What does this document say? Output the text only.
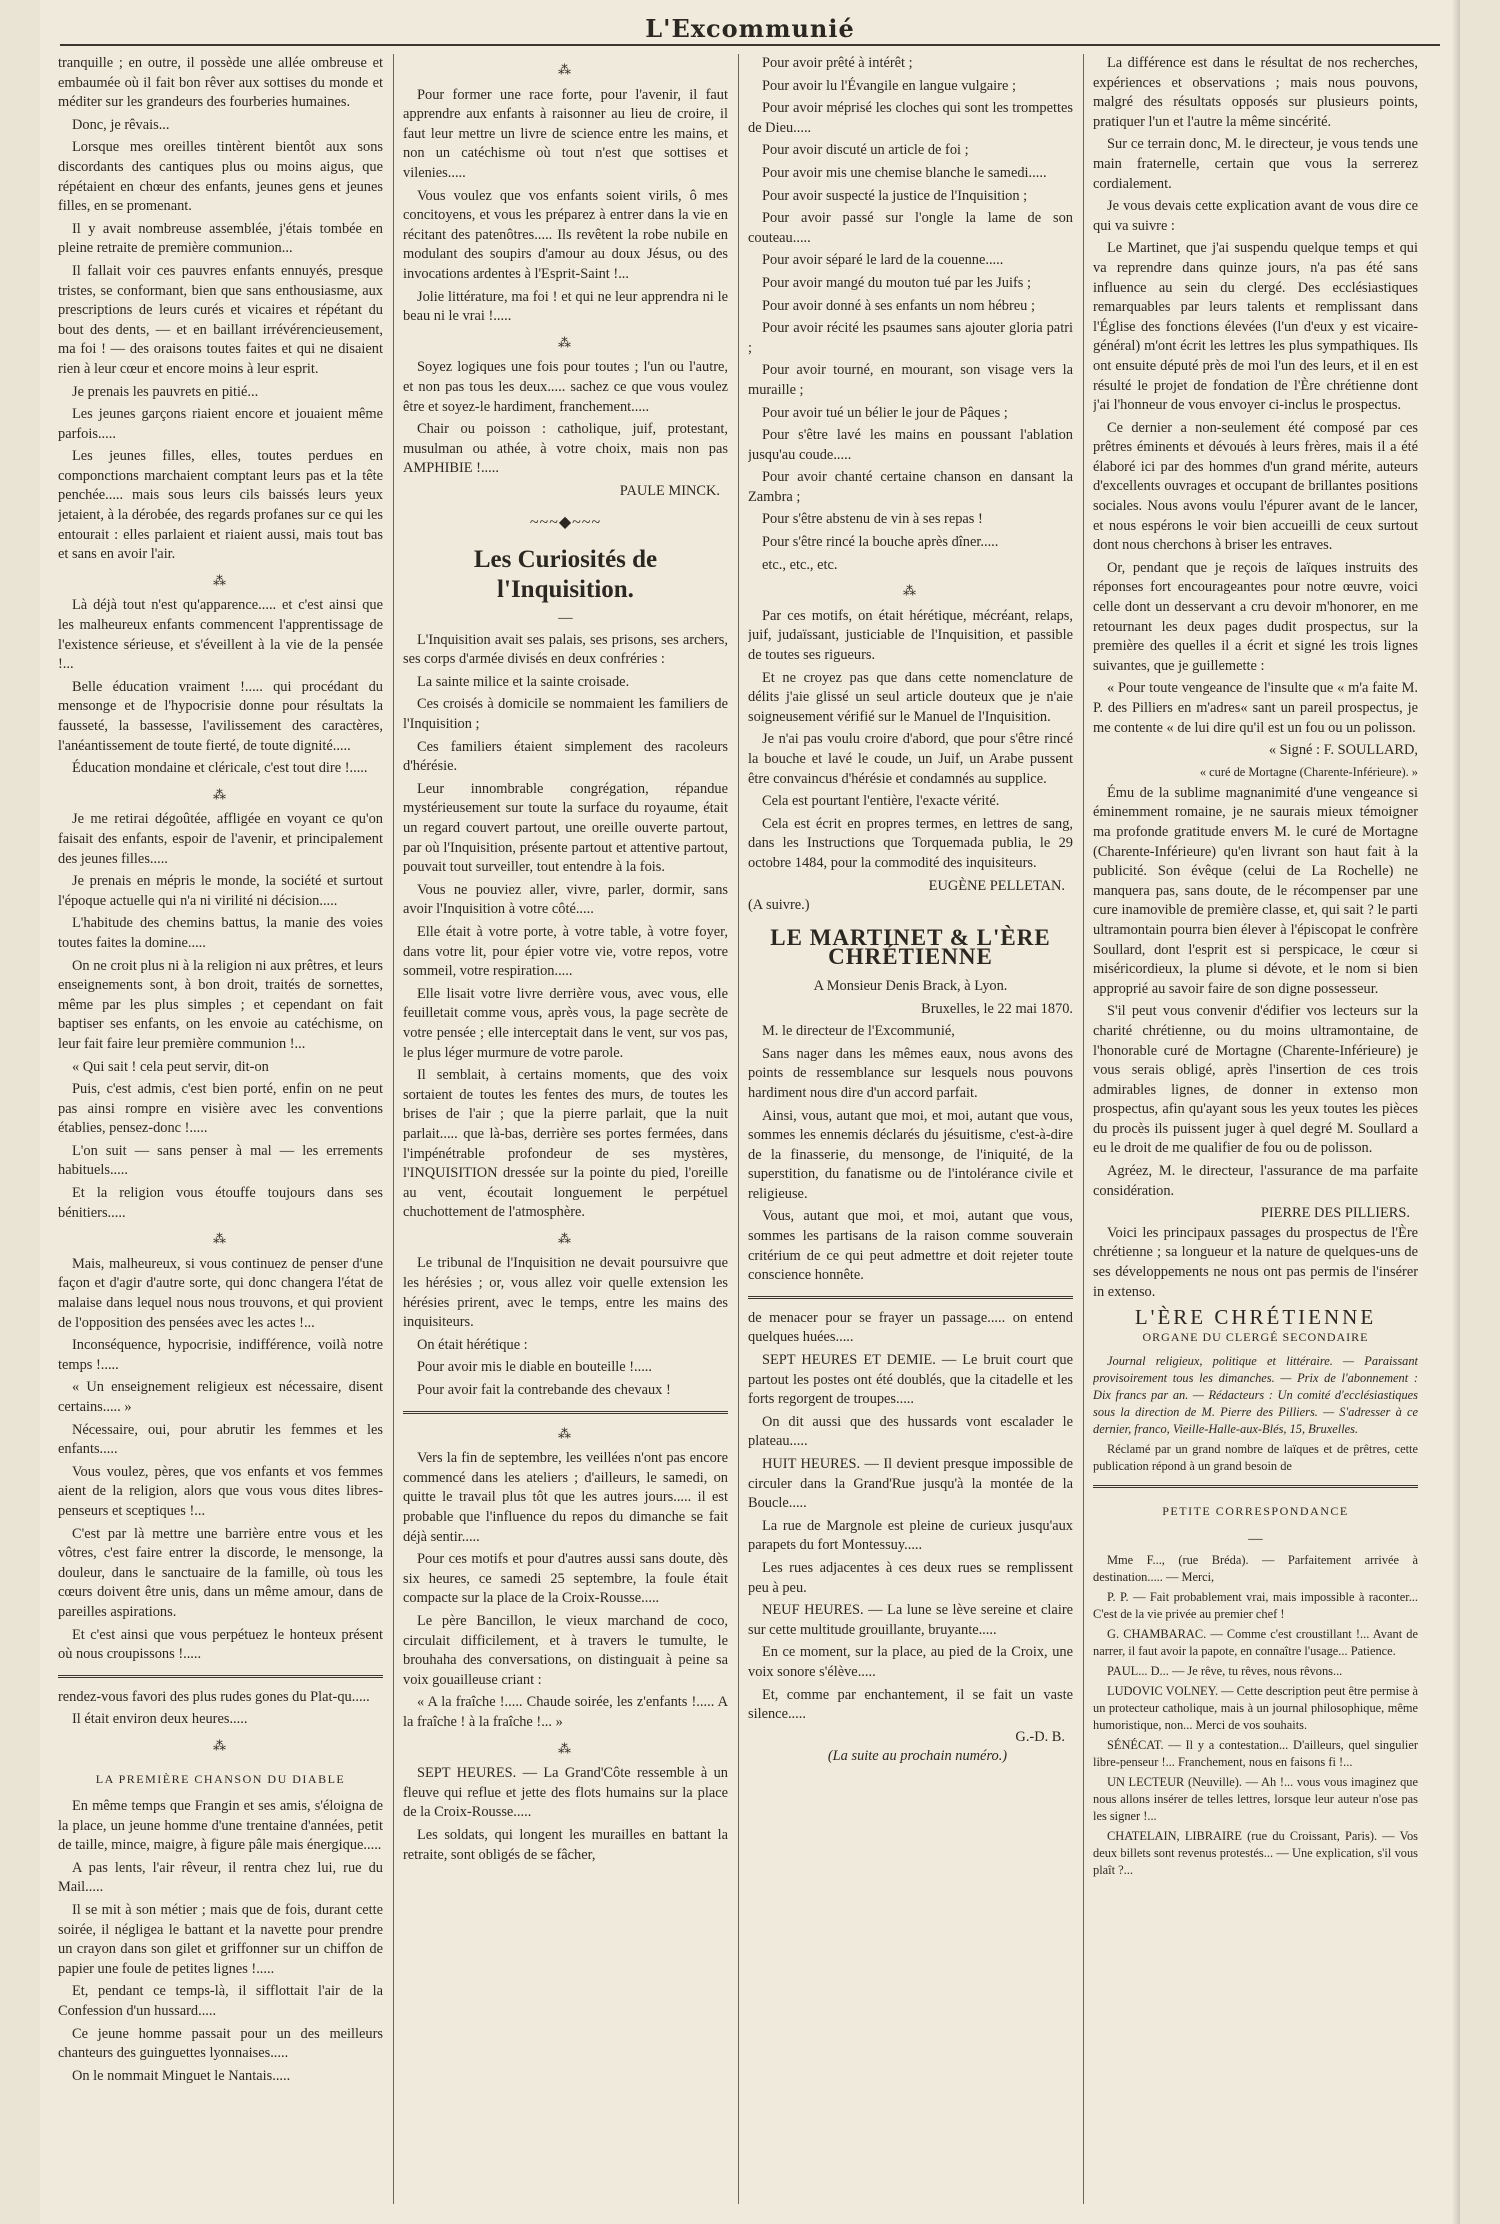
L'Excommunié

tranquille ; en outre, il possède une allée ombreuse et embaumée où il fait bon rêver aux sottises du monde et méditer sur les grandeurs des fourberies humaines.

Donc, je rêvais...

Lorsque mes oreilles tintèrent bientôt aux sons discordants des cantiques plus ou moins aigus, que répétaient en chœur des enfants, jeunes gens et jeunes filles, en se promenant.

Il y avait nombreuse assemblée, j'étais tombée en pleine retraite de première communion...

Il fallait voir ces pauvres enfants ennuyés, presque tristes, se conformant, bien que sans enthousiasme, aux prescriptions de leurs curés et vicaires et répétant du bout des dents, — et en baillant irrévérencieusement, ma foi ! — des oraisons toutes faites et qui ne disaient rien à leur cœur et encore moins à leur esprit.

Je prenais les pauvrets en pitié...

Les jeunes garçons riaient encore et jouaient même parfois.....

Les jeunes filles, elles, toutes perdues en componctions marchaient comptant leurs pas et la tête penchée..... mais sous leurs cils baissés leurs yeux jetaient, à la dérobée, des regards profanes sur ce qui les entourait : elles parlaient et riaient aussi, mais tout bas et sans en avoir l'air.

⁂

Là déjà tout n'est qu'apparence..... et c'est ainsi que les malheureux enfants commencent l'apprentissage de l'existence sérieuse, et s'éveillent à la vie de la pensée !...

Belle éducation vraiment !..... qui procédant du mensonge et de l'hypocrisie donne pour résultats la fausseté, la bassesse, l'avilissement des caractères, l'anéantissement de toute fierté, de toute dignité.....

Éducation mondaine et cléricale, c'est tout dire !.....

⁂

Je me retirai dégoûtée, affligée en voyant ce qu'on faisait des enfants, espoir de l'avenir, et principalement des jeunes filles.....

Je prenais en mépris le monde, la société et surtout l'époque actuelle qui n'a ni virilité ni décision.....

L'habitude des chemins battus, la manie des voies toutes faites la domine.....

On ne croit plus ni à la religion ni aux prêtres, et leurs enseignements sont, à bon droit, traités de sornettes, même par les plus simples ; et cependant on fait baptiser ses enfants, on les envoie au catéchisme, on leur fait faire leur première communion !...

« Qui sait ! cela peut servir, dit-on

Puis, c'est admis, c'est bien porté, enfin on ne peut pas ainsi rompre en visière avec les conventions établies, pensez-donc !.....

L'on suit — sans penser à mal — les errements habituels.....

Et la religion vous étouffe toujours dans ses bénitiers.....

⁂

Mais, malheureux, si vous continuez de penser d'une façon et d'agir d'autre sorte, qui donc changera l'état de malaise dans lequel nous nous trouvons, et qui provient de l'opposition des pensées avec les actes !...

Inconséquence, hypocrisie, indifférence, voilà notre temps !.....

« Un enseignement religieux est nécessaire, disent certains..... »

Nécessaire, oui, pour abrutir les femmes et les enfants.....

Vous voulez, pères, que vos enfants et vos femmes aient de la religion, alors que vous vous dites libres-penseurs et sceptiques !...

C'est par là mettre une barrière entre vous et les vôtres, c'est faire entrer la discorde, le mensonge, la douleur, dans le sanctuaire de la famille, où tous les cœurs doivent être unis, dans un même amour, dans de pareilles aspirations.

Et c'est ainsi que vous perpétuez le honteux présent où nous croupissons !.....

rendez-vous favori des plus rudes gones du Plat-qu.....

Il était environ deux heures.....

⁂
LA PREMIÈRE CHANSON DU DIABLE

En même temps que Frangin et ses amis, s'éloigna de la place, un jeune homme d'une trentaine d'années, petit de taille, mince, maigre, à figure pâle mais énergique.....

A pas lents, l'air rêveur, il rentra chez lui, rue du Mail.....

Il se mit à son métier ; mais que de fois, durant cette soirée, il négligea le battant et la navette pour prendre un crayon dans son gilet et griffonner sur un chiffon de papier une foule de petites lignes !.....

Et, pendant ce temps-là, il sifflottait l'air de la Confession d'un hussard.....

Ce jeune homme passait pour un des meilleurs chanteurs des guinguettes lyonnaises.....

On le nommait Minguet le Nantais.....

⁂

Pour former une race forte, pour l'avenir, il faut apprendre aux enfants à raisonner au lieu de croire, il faut leur mettre un livre de science entre les mains, et non un catéchisme où tout n'est que sottises et vilenies.....

Vous voulez que vos enfants soient virils, ô mes concitoyens, et vous les préparez à entrer dans la vie en récitant des patenôtres..... Ils revêtent la robe nubile en modulant des soupirs d'amour au doux Jésus, ou des invocations ardentes à l'Esprit-Saint !...

Jolie littérature, ma foi ! et qui ne leur apprendra ni le beau ni le vrai !.....

⁂

Soyez logiques une fois pour toutes ; l'un ou l'autre, et non pas tous les deux..... sachez ce que vous voulez être et soyez-le hardiment, franchement.....

Chair ou poisson : catholique, juif, protestant, musulman ou athée, à votre choix, mais non pas AMPHIBIE !.....

PAULE MINCK.
~~~◆~~~
Les Curiosités de l'Inquisition.
—

L'Inquisition avait ses palais, ses prisons, ses archers, ses corps d'armée divisés en deux confréries :

La sainte milice et la sainte croisade.

Ces croisés à domicile se nommaient les familiers de l'Inquisition ;

Ces familiers étaient simplement des racoleurs d'hérésie.

Leur innombrable congrégation, répandue mystérieusement sur toute la surface du royaume, était un regard couvert partout, une oreille ouverte partout, par où l'Inquisition, présente partout et attentive partout, pouvait tout surveiller, tout entendre à la fois.

Vous ne pouviez aller, vivre, parler, dormir, sans avoir l'Inquisition à votre côté.....

Elle était à votre porte, à votre table, à votre foyer, dans votre lit, pour épier votre vie, votre repos, votre sommeil, votre respiration.....

Elle lisait votre livre derrière vous, avec vous, elle feuilletait comme vous, après vous, la page secrète de votre pensée ; elle interceptait dans le vent, sur vos pas, le plus léger murmure de votre parole.

Il semblait, à certains moments, que des voix sortaient de toutes les fentes des murs, de toutes les brises de l'air ; que la pierre parlait, que la nuit parlait..... que là-bas, derrière ses portes fermées, dans l'impénétrable profondeur de ses mystères, l'INQUISITION dressée sur la pointe du pied, l'oreille au vent, écoutait longuement le perpétuel chuchottement de l'atmosphère.

⁂

Le tribunal de l'Inquisition ne devait poursuivre que les hérésies ; or, vous allez voir quelle extension les hérésies prirent, avec le temps, entre les mains des inquisiteurs.

On était hérétique :

Pour avoir mis le diable en bouteille !.....

Pour avoir fait la contrebande des chevaux !

⁂

Vers la fin de septembre, les veillées n'ont pas encore commencé dans les ateliers ; d'ailleurs, le samedi, on quitte le travail plus tôt que les autres jours..... il est probable que l'influence du repos du dimanche se fait déjà sentir.....

Pour ces motifs et pour d'autres aussi sans doute, dès six heures, ce samedi 25 septembre, la foule était compacte sur la place de la Croix-Rousse.....

Le père Bancillon, le vieux marchand de coco, circulait difficilement, et à travers le tumulte, le brouhaha des conversations, on distinguait à peine sa voix gouailleuse criant :

« A la fraîche !..... Chaude soirée, les z'enfants !..... A la fraîche ! à la fraîche !... »

⁂

SEPT HEURES. — La Grand'Côte ressemble à un fleuve qui reflue et jette des flots humains sur la place de la Croix-Rousse.....

Les soldats, qui longent les murailles en battant la retraite, sont obligés de se fâcher,

Pour avoir prêté à intérêt ;

Pour avoir lu l'Évangile en langue vulgaire ;

Pour avoir méprisé les cloches qui sont les trompettes de Dieu.....

Pour avoir discuté un article de foi ;

Pour avoir mis une chemise blanche le samedi.....

Pour avoir suspecté la justice de l'Inquisition ;

Pour avoir passé sur l'ongle la lame de son couteau.....

Pour avoir séparé le lard de la couenne.....

Pour avoir mangé du mouton tué par les Juifs ;

Pour avoir donné à ses enfants un nom hébreu ;

Pour avoir récité les psaumes sans ajouter gloria patri ;

Pour avoir tourné, en mourant, son visage vers la muraille ;

Pour avoir tué un bélier le jour de Pâques ;

Pour s'être lavé les mains en poussant l'ablation jusqu'au coude.....

Pour avoir chanté certaine chanson en dansant la Zambra ;

Pour s'être abstenu de vin à ses repas !

Pour s'être rincé la bouche après dîner.....

etc., etc., etc.

⁂

Par ces motifs, on était hérétique, mécréant, relaps, juif, judaïssant, justiciable de l'Inquisition, et passible de toutes ses rigueurs.

Et ne croyez pas que dans cette nomenclature de délits j'aie glissé un seul article douteux que je n'aie soigneusement vérifié sur le Manuel de l'Inquisition.

Je n'ai pas voulu croire d'abord, que pour s'être rincé la bouche et lavé le coude, un Juif, un Arabe pussent être convaincus d'hérésie et condamnés au supplice.

Cela est pourtant l'entière, l'exacte vérité.

Cela est écrit en propres termes, en lettres de sang, dans les Instructions que Torquemada publia, le 29 octobre 1484, pour la commodité des inquisiteurs.

EUGÈNE PELLETAN.

(A suivre.)

LE MARTINET & L'ÈRE CHRÉTIENNE

A Monsieur Denis Brack, à Lyon.

Bruxelles, le 22 mai 1870.

M. le directeur de l'Excommunié,

Sans nager dans les mêmes eaux, nous avons des points de ressemblance sur lesquels nous pouvons hardiment nous dire d'un accord parfait.

Ainsi, vous, autant que moi, et moi, autant que vous, sommes les ennemis déclarés du jésuitisme, c'est-à-dire de la finasserie, du mensonge, de l'iniquité, de la superstition, du fanatisme ou de l'intolérance civile et religieuse.

Vous, autant que moi, et moi, autant que vous, sommes les partisans de la raison comme souverain critérium de ce qui peut admettre et doit rejeter toute conscience honnête.

de menacer pour se frayer un passage..... on entend quelques huées.....

SEPT HEURES ET DEMIE. — Le bruit court que partout les postes ont été doublés, que la citadelle et les forts regorgent de troupes.....

On dit aussi que des hussards vont escalader le plateau.....

HUIT HEURES. — Il devient presque impossible de circuler dans la Grand'Rue jusqu'à la montée de la Boucle.....

La rue de Margnole est pleine de curieux jusqu'aux parapets du fort Montessuy.....

Les rues adjacentes à ces deux rues se remplissent peu à peu.

NEUF HEURES. — La lune se lève sereine et claire sur cette multitude grouillante, bruyante.....

En ce moment, sur la place, au pied de la Croix, une voix sonore s'élève.....

Et, comme par enchantement, il se fait un vaste silence.....

G.-D. B.

(La suite au prochain numéro.)

La différence est dans le résultat de nos recherches, expériences et observations ; mais nous pouvons, malgré des résultats opposés sur plusieurs points, pratiquer l'un et l'autre la même sincérité.

Sur ce terrain donc, M. le directeur, je vous tends une main fraternelle, certain que vous la serrerez cordialement.

Je vous devais cette explication avant de vous dire ce qui va suivre :

Le Martinet, que j'ai suspendu quelque temps et qui va reprendre dans quinze jours, n'a pas été sans influence au sein du clergé. Des ecclésiastiques remarquables par leurs talents et remplissant dans l'Église des fonctions élevées (l'un d'eux y est vicaire-général) m'ont écrit les lettres les plus sympathiques. Ils ont ensuite député près de moi l'un des leurs, et il en est résulté le projet de fondation de l'Ère chrétienne dont j'ai l'honneur de vous envoyer ci-inclus le prospectus.

Ce dernier a non-seulement été composé par ces prêtres éminents et dévoués à leurs frères, mais il a été élaboré ici par des hommes d'un grand mérite, auteurs d'excellents ouvrages et occupant de brillantes positions sociales. Nous avons voulu l'épurer avant de le lancer, et nous espérons le voir bien accueilli de ceux surtout dont nous cherchons à briser les entraves.

Or, pendant que je reçois de laïques instruits des réponses fort encourageantes pour notre œuvre, voici celle dont un desservant a cru devoir m'honorer, en me retournant les deux pages dudit prospectus, sur la première des quelles il a écrit et signé les trois lignes suivantes, que je guillemette :

« Pour toute vengeance de l'insulte que « m'a faite M. P. des Pilliers en m'adres« sant un pareil prospectus, je me contente « de lui dire qu'il est un fou ou un polisson.

« Signé : F. SOULLARD,

« curé de Mortagne (Charente-Inférieure). »

Ému de la sublime magnanimité d'une vengeance si éminemment romaine, je ne saurais mieux témoigner ma profonde gratitude envers M. le curé de Mortagne (Charente-Inférieure) qu'en livrant son haut fait à la publicité. Son évêque (celui de La Rochelle) ne manquera pas, sans doute, de le récompenser par une cure inamovible de première classe, et, qui sait ? le parti ultramontain pourra bien élever à l'épiscopat le confrère Soullard, dont l'esprit est si perspicace, le cœur si miséricordieux, la plume si dévote, et le nom si bien approprié au savoir faire de son digne possesseur.

S'il peut vous convenir d'édifier vos lecteurs sur la charité chrétienne, ou du moins ultramontaine, de l'honorable curé de Mortagne (Charente-Inférieure) je vous serais obligé, après l'insertion de ces trois admirables lignes, de donner in extenso mon prospectus, afin qu'ayant sous les yeux toutes les pièces du procès ils puissent juger à quel degré M. Soullard a eu le droit de me qualifier de fou ou de polisson.

Agréez, M. le directeur, l'assurance de ma parfaite considération.

PIERRE DES PILLIERS.

Voici les principaux passages du prospectus de l'Ère chrétienne ; sa longueur et la nature de quelques-uns de ses développements ne nous ont pas permis de l'insérer in extenso.

L'ÈRE CHRÉTIENNE
ORGANE DU CLERGÉ SECONDAIRE

Journal religieux, politique et littéraire. — Paraissant provisoirement tous les dimanches. — Prix de l'abonnement : Dix francs par an. — Rédacteurs : Un comité d'ecclésiastiques sous la direction de M. Pierre des Pilliers. — S'adresser à ce dernier, franco, Vieille-Halle-aux-Blés, 15, Bruxelles.

Réclamé par un grand nombre de laïques et de prêtres, cette publication répond à un grand besoin de

PETITE CORRESPONDANCE
—

Mme F..., (rue Bréda). — Parfaitement arrivée à destination..... — Merci,

P. P. — Fait probablement vrai, mais impossible à raconter... C'est de la vie privée au premier chef !

G. CHAMBARAC. — Comme c'est croustillant !... Avant de narrer, il faut avoir la papote, en connaître l'usage... Patience.

PAUL... D... — Je rêve, tu rêves, nous rêvons...

LUDOVIC VOLNEY. — Cette description peut être permise à un protecteur catholique, mais à un journal philosophique, même humoristique, non... Merci de vos souhaits.

SÉNÉCAT. — Il y a contestation... D'ailleurs, quel singulier libre-penseur !... Franchement, nous en faisons fi !...

UN LECTEUR (Neuville). — Ah !... vous vous imaginez que nous allons insérer de telles lettres, lorsque leur auteur n'ose pas les signer !...

CHATELAIN, LIBRAIRE (rue du Croissant, Paris). — Vos deux billets sont revenus protestés... — Une explication, s'il vous plaît ?...
